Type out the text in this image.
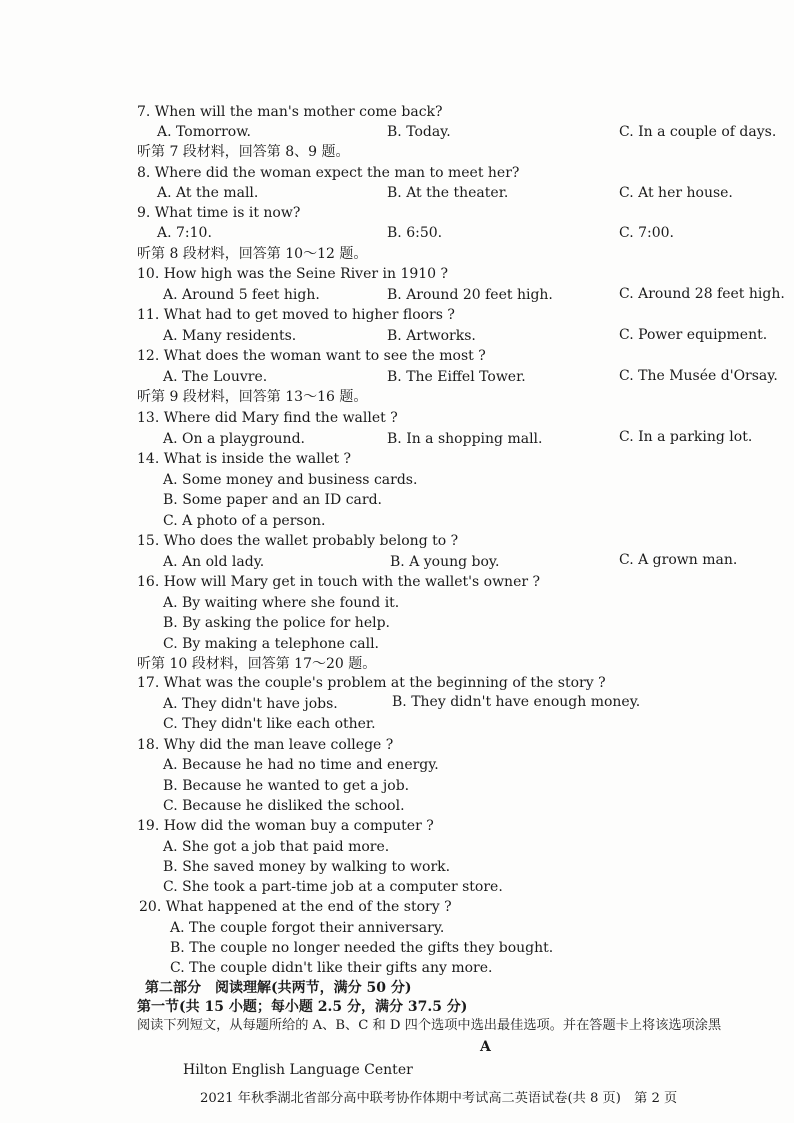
7. When will the man's mother come back?
A. Tomorrow.	B. Today.	C. In a couple of days.
听第 7 段材料，回答第 8、9 题。
8. Where did the woman expect the man to meet her?
A. At the mall.	B. At the theater.	C. At her house.
9. What time is it now?
A. 7:10.	B. 6:50.	C. 7:00.
听第 8 段材料，回答第 10～12 题。
10. How high was the Seine River in 1910 ?
A. Around 5 feet high.	B. Around 20 feet high.	C. Around 28 feet high.
11. What had to get moved to higher floors ?
A. Many residents.	B. Artworks.	C. Power equipment.
12. What does the woman want to see the most ?
A. The Louvre.	B. The Eiffel Tower.	C. The Musée d'Orsay.
听第 9 段材料，回答第 13～16 题。
13. Where did Mary find the wallet ?
A. On a playground.	B. In a shopping mall.	C. In a parking lot.
14. What is inside the wallet ?
A. Some money and business cards.
B. Some paper and an ID card.
C. A photo of a person.
15. Who does the wallet probably belong to ?
A. An old lady.	B. A young boy.	C. A grown man.
16. How will Mary get in touch with the wallet's owner ?
A. By waiting where she found it.
B. By asking the police for help.
C. By making a telephone call.
听第 10 段材料，回答第 17～20 题。
17. What was the couple's problem at the beginning of the story ?
A. They didn't have jobs.	B. They didn't have enough money.
C. They didn't like each other.
18. Why did the man leave college ?
A. Because he had no time and energy.
B. Because he wanted to get a job.
C. Because he disliked the school.
19. How did the woman buy a computer ?
A. She got a job that paid more.
B. She saved money by walking to work.
C. She took a part-time job at a computer store.
20. What happened at the end of the story ?
A. The couple forgot their anniversary.
B. The couple no longer needed the gifts they bought.
C. The couple didn't like their gifts any more.
第二部分　阅读理解(共两节，满分 50 分)
第一节(共 15 小题；每小题 2.5 分，满分 37.5 分)
阅读下列短文，从每题所给的 A、B、C 和 D 四个选项中选出最佳选项。并在答题卡上将该选项涂黑
A
Hilton English Language Center
2021 年秋季湖北省部分高中联考协作体期中考试高二英语试卷(共 8 页)　第 2 页
